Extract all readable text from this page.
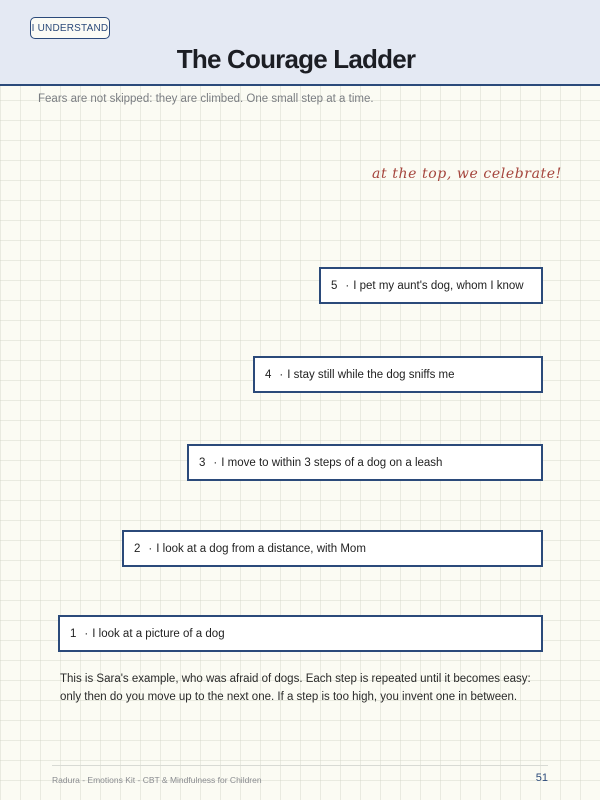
I UNDERSTAND
The Courage Ladder

Fears are not skipped: they are climbed. One small step at a time.

at the top, we celebrate!
5 · I pet my aunt's dog, whom I know
4 · I stay still while the dog sniffs me
3 · I move to within 3 steps of a dog on a leash
2 · I look at a dog from a distance, with Mom
1 · I look at a picture of a dog
This is Sara's example, who was afraid of dogs. Each step is repeated until it becomes easy:
only then do you move up to the next one. If a step is too high, you invent one in between.
Radura - Emotions Kit - CBT & Mindfulness for Children	51
